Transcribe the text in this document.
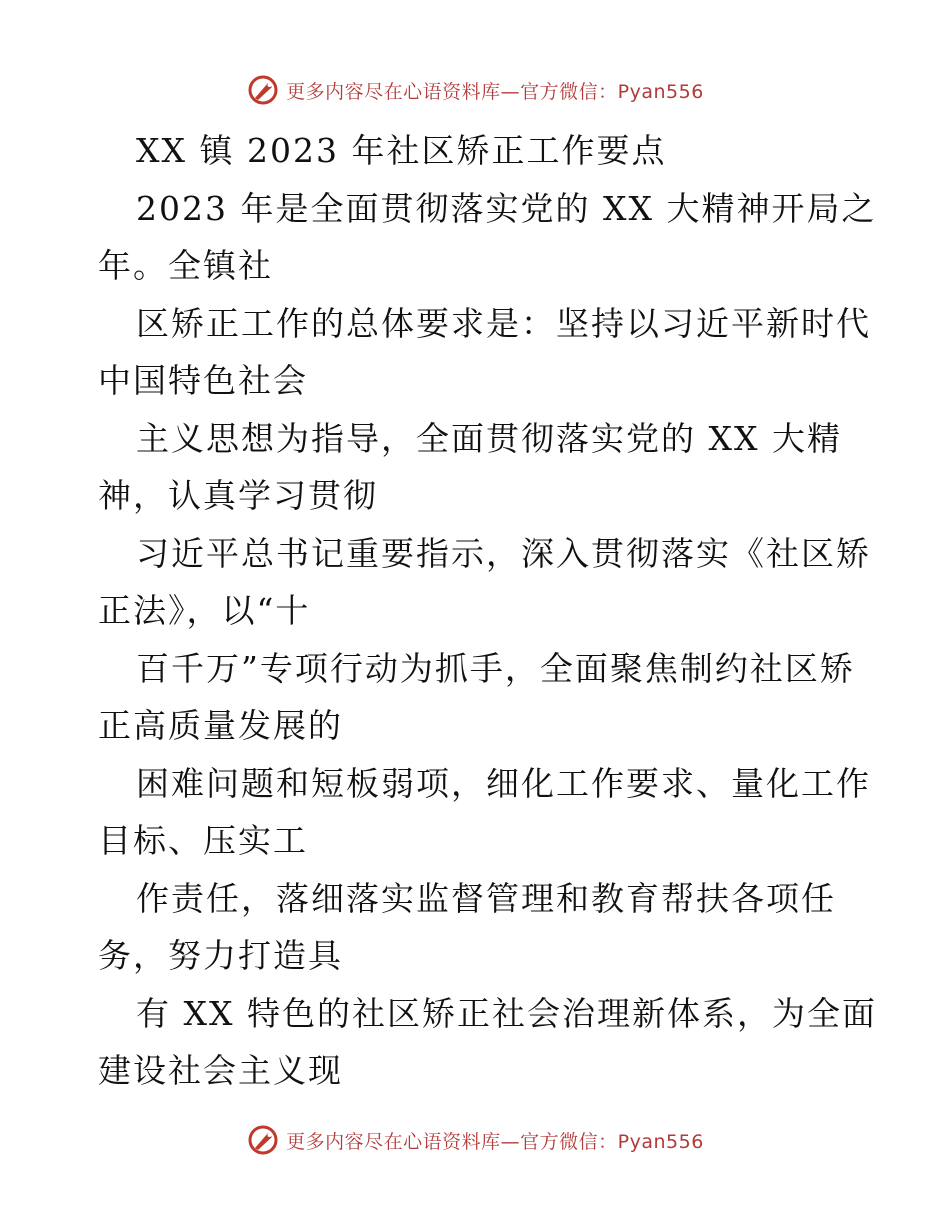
更多内容尽在心语资料库—官方微信：Pyan556
XX 镇 2023 年社区矫正工作要点
2023 年是全面贯彻落实党的 XX 大精神开局之
年。全镇社
区矫正工作的总体要求是：坚持以习近平新时代
中国特色社会
主义思想为指导，全面贯彻落实党的 XX 大精
神，认真学习贯彻
习近平总书记重要指示，深入贯彻落实《社区矫
正法》，以“十
百千万”专项行动为抓手，全面聚焦制约社区矫
正高质量发展的
困难问题和短板弱项，细化工作要求、量化工作
目标、压实工
作责任，落细落实监督管理和教育帮扶各项任
务，努力打造具
有 XX 特色的社区矫正社会治理新体系，为全面
建设社会主义现
更多内容尽在心语资料库—官方微信：Pyan556
